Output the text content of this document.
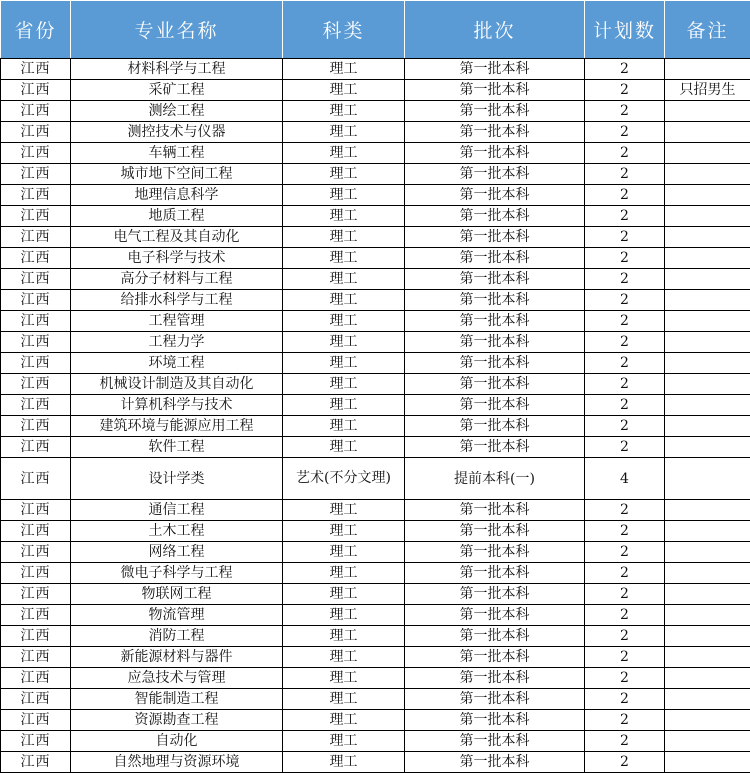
省份	专业名称	科类	批次	计划数	备注
江西	材料科学与工程	理工	第一批本科	2	
江西	采矿工程	理工	第一批本科	2	只招男生
江西	测绘工程	理工	第一批本科	2	
江西	测控技术与仪器	理工	第一批本科	2	
江西	车辆工程	理工	第一批本科	2	
江西	城市地下空间工程	理工	第一批本科	2	
江西	地理信息科学	理工	第一批本科	2	
江西	地质工程	理工	第一批本科	2	
江西	电气工程及其自动化	理工	第一批本科	2	
江西	电子科学与技术	理工	第一批本科	2	
江西	高分子材料与工程	理工	第一批本科	2	
江西	给排水科学与工程	理工	第一批本科	2	
江西	工程管理	理工	第一批本科	2	
江西	工程力学	理工	第一批本科	2	
江西	环境工程	理工	第一批本科	2	
江西	机械设计制造及其自动化	理工	第一批本科	2	
江西	计算机科学与技术	理工	第一批本科	2	
江西	建筑环境与能源应用工程	理工	第一批本科	2	
江西	软件工程	理工	第一批本科	2	
江西	设计学类	艺术(不分文理)	提前本科(一)	4	
江西	通信工程	理工	第一批本科	2	
江西	土木工程	理工	第一批本科	2	
江西	网络工程	理工	第一批本科	2	
江西	微电子科学与工程	理工	第一批本科	2	
江西	物联网工程	理工	第一批本科	2	
江西	物流管理	理工	第一批本科	2	
江西	消防工程	理工	第一批本科	2	
江西	新能源材料与器件	理工	第一批本科	2	
江西	应急技术与管理	理工	第一批本科	2	
江西	智能制造工程	理工	第一批本科	2	
江西	资源勘查工程	理工	第一批本科	2	
江西	自动化	理工	第一批本科	2	
江西	自然地理与资源环境	理工	第一批本科	2	
